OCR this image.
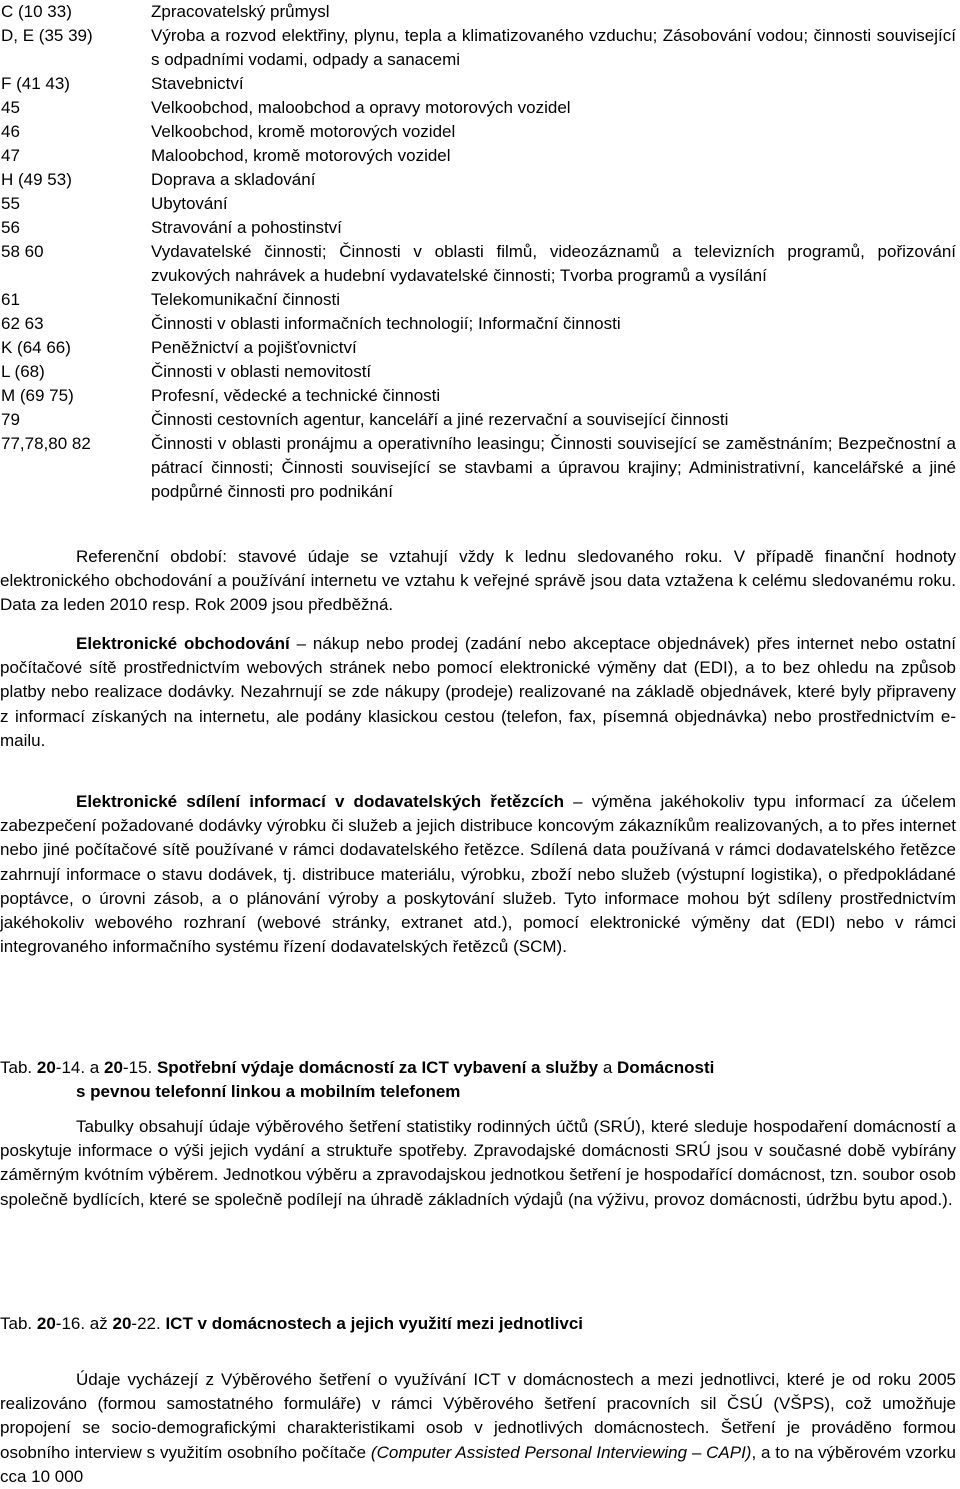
C (10 33)	Zpracovatelský průmysl
D, E (35 39)	Výroba a rozvod elektřiny, plynu, tepla a klimatizovaného vzduchu; Zásobování vodou; činnosti související s odpadními vodami, odpady a sanacemi
F (41 43)	Stavebnictví
45	Velkoobchod, maloobchod a opravy motorových vozidel
46	Velkoobchod, kromě motorových vozidel
47	Maloobchod, kromě motorových vozidel
H (49 53)	Doprava a skladování
55	Ubytování
56	Stravování a pohostinství
58 60	Vydavatelské činnosti; Činnosti v oblasti filmů, videozáznamů a televizních programů, pořizování zvukových nahrávek a hudební vydavatelské činnosti; Tvorba programů a vysílání
61	Telekomunikační činnosti
62 63	Činnosti v oblasti informačních technologií; Informační činnosti
K (64 66)	Peněžnictví a pojišťovnictví
L (68)	Činnosti v oblasti nemovitostí
M (69 75)	Profesní, vědecké a technické činnosti
79	Činnosti cestovních agentur, kanceláří a jiné rezervační a související činnosti
77,78,80 82	Činnosti v oblasti pronájmu a operativního leasingu; Činnosti související se zaměstnáním; Bezpečnostní a pátrací činnosti; Činnosti související se stavbami a úpravou krajiny; Administrativní, kancelářské a jiné podpůrné činnosti pro podnikání

Referenční období: stavové údaje se vztahují vždy k lednu sledovaného roku. V případě finanční hodnoty elektronického obchodování a používání internetu ve vztahu k veřejné správě jsou data vztažena k celému sledovanému roku. Data za leden 2010 resp. Rok 2009 jsou předběžná.

Elektronické obchodování – nákup nebo prodej (zadání nebo akceptace objednávek) přes internet nebo ostatní počítačové sítě prostřednictvím webových stránek nebo pomocí elektronické výměny dat (EDI), a to bez ohledu na způsob platby nebo realizace dodávky. Nezahrnují se zde nákupy (prodeje) realizované na základě objednávek, které byly připraveny z informací získaných na internetu, ale podány klasickou cestou (telefon, fax, písemná objednávka) nebo prostřednictvím e-mailu.

Elektronické sdílení informací v dodavatelských řetězcích – výměna jakéhokoliv typu informací za účelem zabezpečení požadované dodávky výrobku či služeb a jejich distribuce koncovým zákazníkům realizovaných, a to přes internet nebo jiné počítačové sítě používané v rámci dodavatelského řetězce. Sdílená data používaná v rámci dodavatelského řetězce zahrnují informace o stavu dodávek, tj. distribuce materiálu, výrobku, zboží nebo služeb (výstupní logistika), o předpokládané poptávce, o úrovni zásob, a o plánování výroby a poskytování služeb. Tyto informace mohou být sdíleny prostřednictvím jakéhokoliv webového rozhraní (webové stránky, extranet atd.), pomocí elektronické výměny dat (EDI) nebo v rámci integrovaného informačního systému řízení dodavatelských řetězců (SCM).

Tab. 20-14. a 20-15. Spotřební výdaje domácností za ICT vybavení a služby a Domácnosti
s pevnou telefonní linkou a mobilním telefonem

Tabulky obsahují údaje výběrového šetření statistiky rodinných účtů (SRÚ), které sleduje hospodaření domácností a poskytuje informace o výši jejich vydání a struktuře spotřeby. Zpravodajské domácnosti SRÚ jsou v současné době vybírány záměrným kvótním výběrem. Jednotkou výběru a zpravodajskou jednotkou šetření je hospodařící domácnost, tzn. soubor osob společně bydlících, které se společně podílejí na úhradě základních výdajů (na výživu, provoz domácnosti, údržbu bytu apod.).

Tab. 20-16. až 20-22. ICT v domácnostech a jejich využití mezi jednotlivci

Údaje vycházejí z Výběrového šetření o využívání ICT v domácnostech a mezi jednotlivci, které je od roku 2005 realizováno (formou samostatného formuláře) v rámci Výběrového šetření pracovních sil ČSÚ (VŠPS), což umožňuje propojení se socio-demografickými charakteristikami osob v jednotlivých domácnostech. Šetření je prováděno formou osobního interview s využitím osobního počítače (Computer Assisted Personal Interviewing – CAPI), a to na výběrovém vzorku cca 10 000
